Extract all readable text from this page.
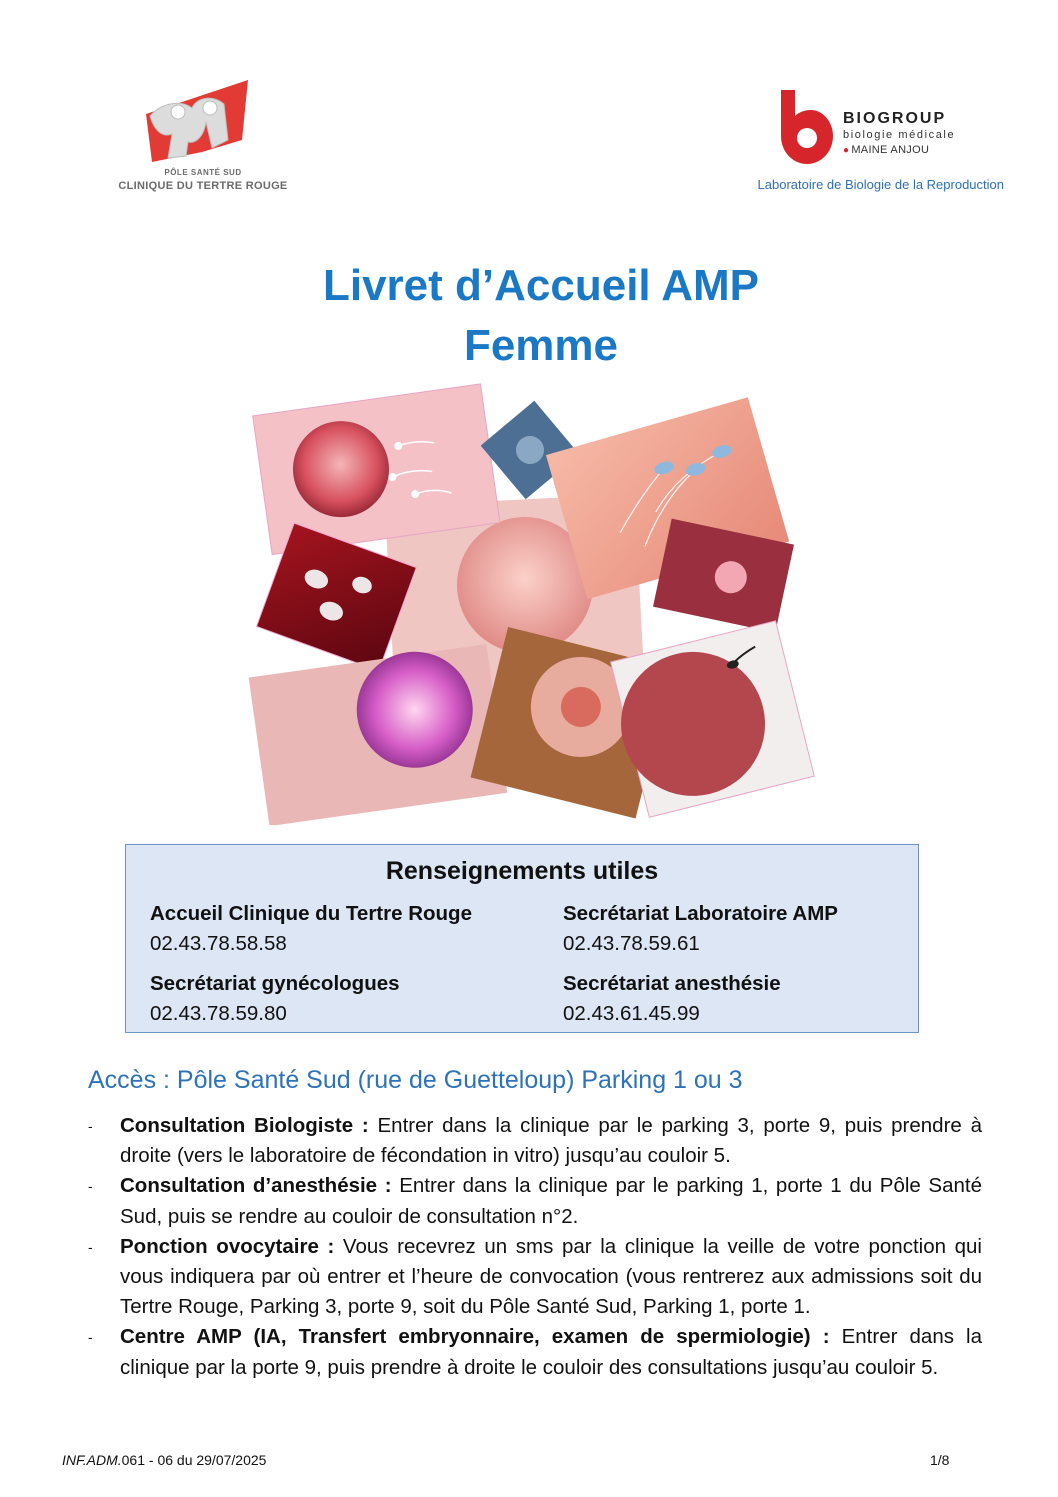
PÔLE SANTÉ SUD
CLINIQUE DU TERTRE ROUGE
BIOGROUP
biologie médicale
● MAINE ANJOU
Laboratoire de Biologie de la Reproduction
Livret d’Accueil AMP
Femme
Renseignements utiles
Accueil Clinique du Tertre Rouge
02.43.78.58.58
Secrétariat Laboratoire AMP
02.43.78.59.61
Secrétariat gynécologues
02.43.78.59.80
Secrétariat anesthésie
02.43.61.45.99
Accès : Pôle Santé Sud (rue de Guetteloup) Parking 1 ou 3
- Consultation Biologiste : Entrer dans la clinique par le parking 3, porte 9, puis prendre à droite (vers le laboratoire de fécondation in vitro) jusqu’au couloir 5.
- Consultation d’anesthésie : Entrer dans la clinique par le parking 1, porte 1 du Pôle Santé Sud, puis se rendre au couloir de consultation n°2.
- Ponction ovocytaire : Vous recevrez un sms par la clinique la veille de votre ponction qui vous indiquera par où entrer et l’heure de convocation (vous rentrerez aux admissions soit du Tertre Rouge, Parking 3, porte 9, soit du Pôle Santé Sud, Parking 1, porte 1.
- Centre AMP (IA, Transfert embryonnaire, examen de spermiologie) : Entrer dans la clinique par la porte 9, puis prendre à droite le couloir des consultations jusqu’au couloir 5.
INF.ADM.061 - 06 du 29/07/2025	1/8
